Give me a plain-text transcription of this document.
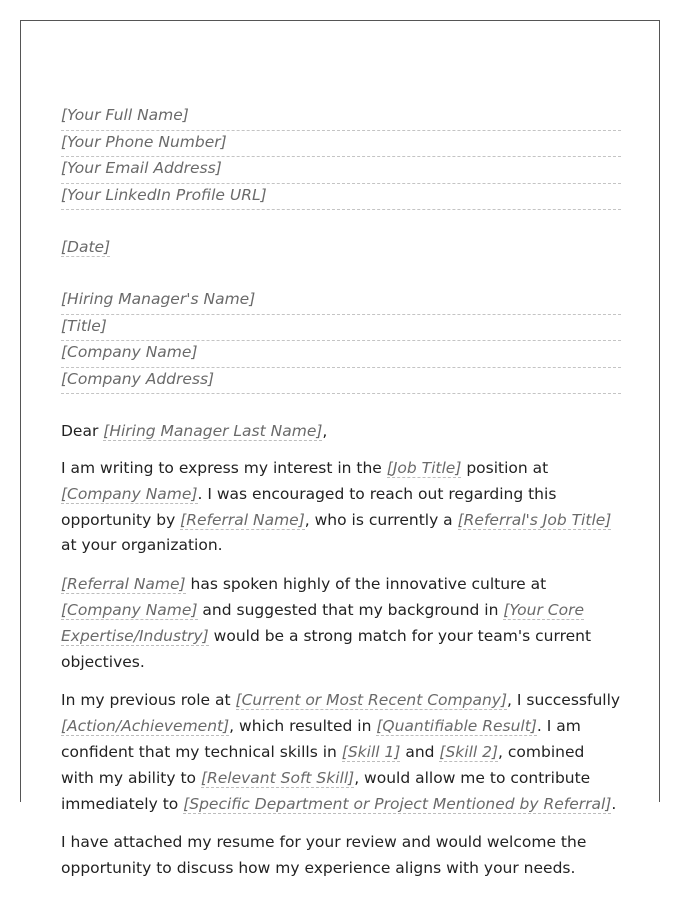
[Your Full Name]
[Your Phone Number]
[Your Email Address]
[Your LinkedIn Profile URL]
[Date]
[Hiring Manager's Name]
[Title]
[Company Name]
[Company Address]

Dear [Hiring Manager Last Name],

I am writing to express my interest in the [Job Title] position at [Company Name]. I was encouraged to reach out regarding this opportunity by [Referral Name], who is currently a [Referral's Job Title] at your organization.

[Referral Name] has spoken highly of the innovative culture at [Company Name] and suggested that my background in [Your Core Expertise/Industry] would be a strong match for your team's current objectives.

In my previous role at [Current or Most Recent Company], I successfully [Action/Achievement], which resulted in [Quantifiable Result]. I am confident that my technical skills in [Skill 1] and [Skill 2], combined with my ability to [Relevant Soft Skill], would allow me to contribute immediately to [Specific Department or Project Mentioned by Referral].

I have attached my resume for your review and would welcome the opportunity to discuss how my experience aligns with your needs.
